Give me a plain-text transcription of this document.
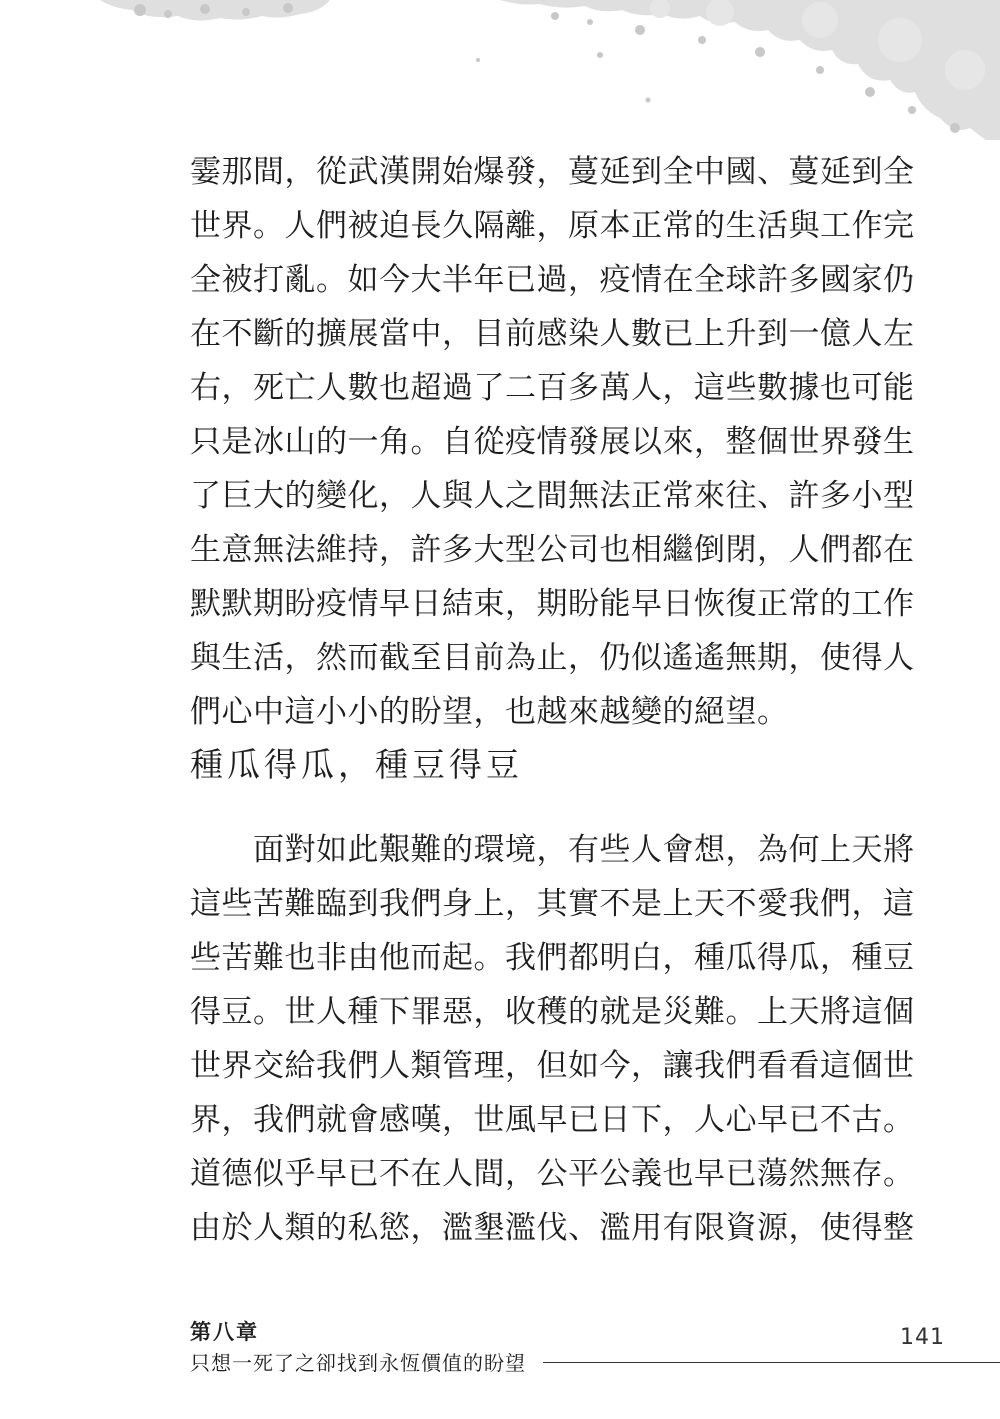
霎那間，從武漢開始爆發，蔓延到全中國、蔓延到全
世界。人們被迫長久隔離，原本正常的生活與工作完
全被打亂。如今大半年已過，疫情在全球許多國家仍
在不斷的擴展當中，目前感染人數已上升到一億人左
右，死亡人數也超過了二百多萬人，這些數據也可能
只是冰山的一角。自從疫情發展以來，整個世界發生
了巨大的變化，人與人之間無法正常來往、許多小型
生意無法維持，許多大型公司也相繼倒閉，人們都在
默默期盼疫情早日結束，期盼能早日恢復正常的工作
與生活，然而截至目前為止，仍似遙遙無期，使得人
們心中這小小的盼望，也越來越變的絕望。
種瓜得瓜，種豆得豆
　　面對如此艱難的環境，有些人會想，為何上天將
這些苦難臨到我們身上，其實不是上天不愛我們，這
些苦難也非由他而起。我們都明白，種瓜得瓜，種豆
得豆。世人種下罪惡，收穫的就是災難。上天將這個
世界交給我們人類管理，但如今，讓我們看看這個世
界，我們就會感嘆，世風早已日下，人心早已不古。
道德似乎早已不在人間，公平公義也早已蕩然無存。
由於人類的私慾，濫墾濫伐、濫用有限資源，使得整
第八章
只想一死了之卻找到永恆價值的盼望
141
